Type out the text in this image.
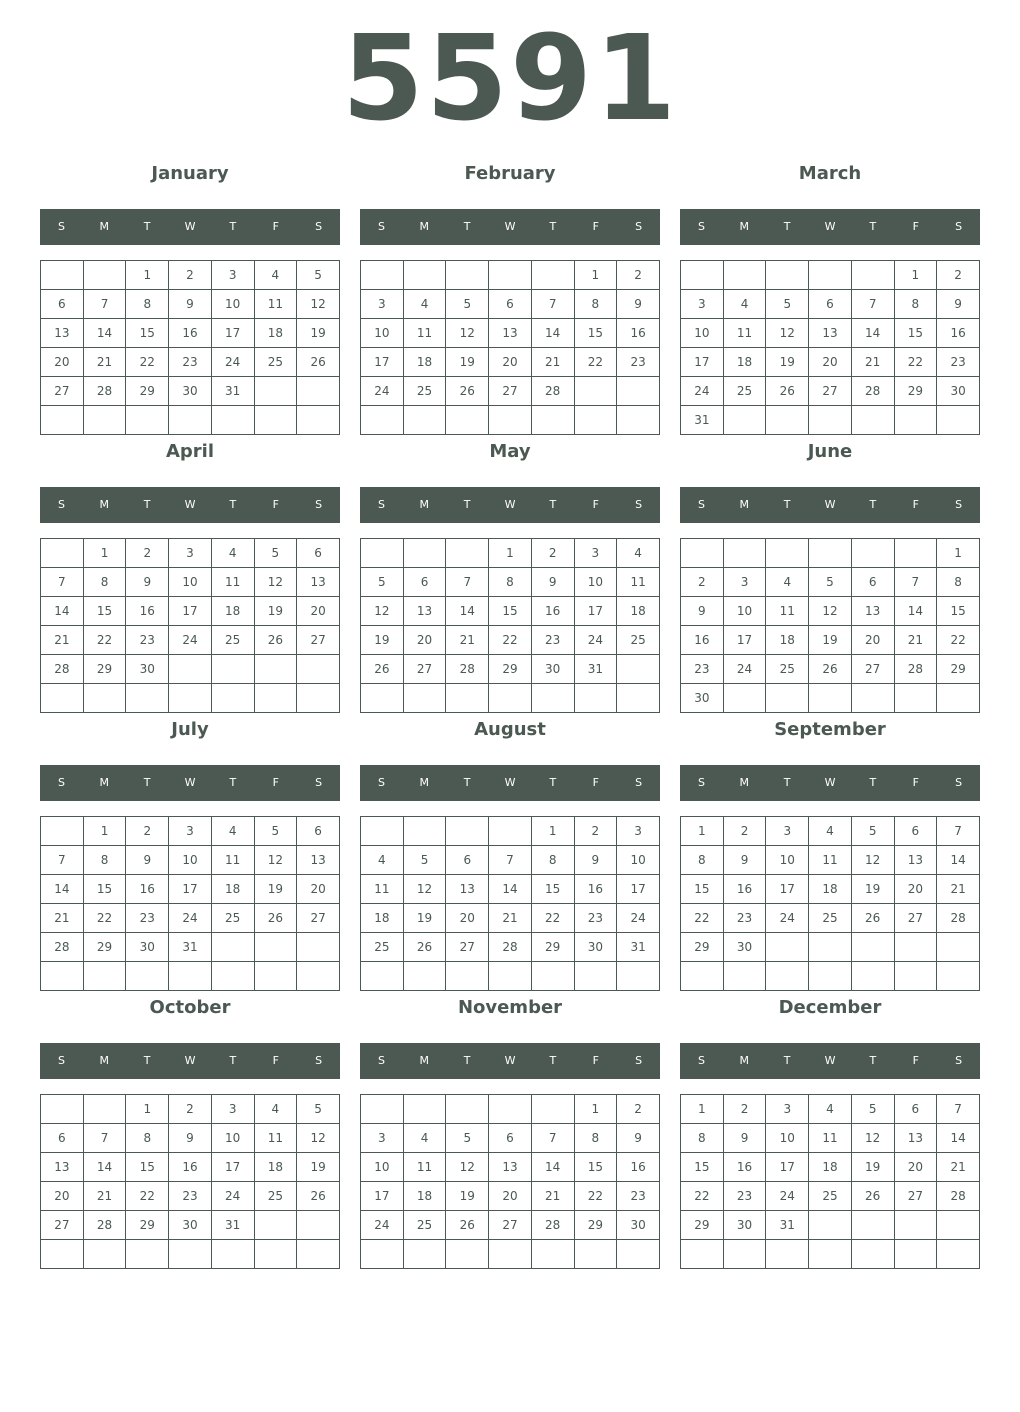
5591
January
S	M	T	W	T	F	S
		1	2	3	4	5
6	7	8	9	10	11	12
13	14	15	16	17	18	19
20	21	22	23	24	25	26
27	28	29	30	31		

February
S	M	T	W	T	F	S
					1	2
3	4	5	6	7	8	9
10	11	12	13	14	15	16
17	18	19	20	21	22	23
24	25	26	27	28		

March
S	M	T	W	T	F	S
					1	2
3	4	5	6	7	8	9
10	11	12	13	14	15	16
17	18	19	20	21	22	23
24	25	26	27	28	29	30
31						
April
S	M	T	W	T	F	S
	1	2	3	4	5	6
7	8	9	10	11	12	13
14	15	16	17	18	19	20
21	22	23	24	25	26	27
28	29	30				

May
S	M	T	W	T	F	S
			1	2	3	4
5	6	7	8	9	10	11
12	13	14	15	16	17	18
19	20	21	22	23	24	25
26	27	28	29	30	31	

June
S	M	T	W	T	F	S
						1
2	3	4	5	6	7	8
9	10	11	12	13	14	15
16	17	18	19	20	21	22
23	24	25	26	27	28	29
30						
July
S	M	T	W	T	F	S
	1	2	3	4	5	6
7	8	9	10	11	12	13
14	15	16	17	18	19	20
21	22	23	24	25	26	27
28	29	30	31			

August
S	M	T	W	T	F	S
				1	2	3
4	5	6	7	8	9	10
11	12	13	14	15	16	17
18	19	20	21	22	23	24
25	26	27	28	29	30	31

September
S	M	T	W	T	F	S
1	2	3	4	5	6	7
8	9	10	11	12	13	14
15	16	17	18	19	20	21
22	23	24	25	26	27	28
29	30					

October
S	M	T	W	T	F	S
		1	2	3	4	5
6	7	8	9	10	11	12
13	14	15	16	17	18	19
20	21	22	23	24	25	26
27	28	29	30	31		

November
S	M	T	W	T	F	S
					1	2
3	4	5	6	7	8	9
10	11	12	13	14	15	16
17	18	19	20	21	22	23
24	25	26	27	28	29	30

December
S	M	T	W	T	F	S
1	2	3	4	5	6	7
8	9	10	11	12	13	14
15	16	17	18	19	20	21
22	23	24	25	26	27	28
29	30	31				
